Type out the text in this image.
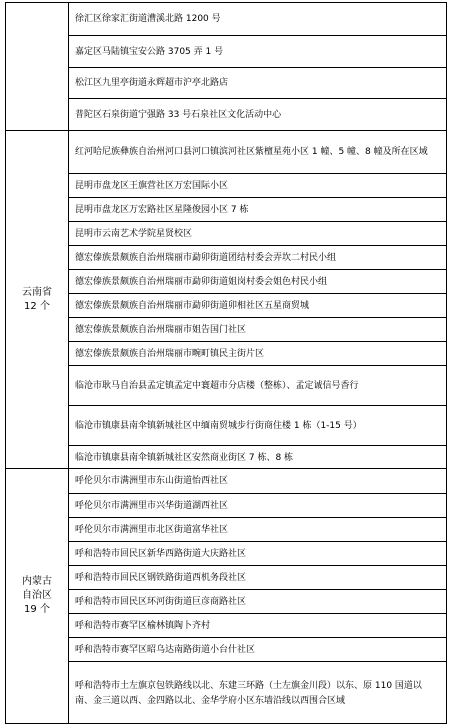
徐汇区徐家汇街道漕溪北路 1200 号
嘉定区马陆镇宝安公路 3705 弄 1 号
松江区九里亭街道永辉超市沪亭北路店
普陀区石泉街道宁强路 33 号石泉社区文化活动中心
云南省
12 个
红河哈尼族彝族自治州河口县河口镇滨河社区紫檀星苑小区 1 幢、5 幢、8 幢及所在区域
昆明市盘龙区王旗营社区万宏国际小区
昆明市盘龙区万宏路社区星隆俊园小区 7 栋
昆明市云南艺术学院星贤校区
德宏傣族景颇族自治州瑞丽市勐卯街道团结村委会弄坎二村民小组
德宏傣族景颇族自治州瑞丽市勐卯街道姐岗村委会姐色村民小组
德宏傣族景颇族自治州瑞丽市勐卯街道卯相社区五星商贸城
德宏傣族景颇族自治州瑞丽市姐告国门社区
德宏傣族景颇族自治州瑞丽市畹町镇民主街片区
临沧市耿马自治县孟定镇孟定中寰超市分店楼（整栋）、孟定诚信号香行
临沧市镇康县南伞镇新城社区中缅南贸城步行街商住楼 1 栋（1-15 号）
临沧市镇康县南伞镇新城社区安然商业街区 7 栋、8 栋
内蒙古
自治区
19 个
呼伦贝尔市满洲里市东山街道怡西社区
呼伦贝尔市满洲里市兴华街道湖西社区
呼伦贝尔市满洲里市北区街道富华社区
呼和浩特市回民区新华西路街道大庆路社区
呼和浩特市回民区钢铁路街道西机务段社区
呼和浩特市回民区环河街街道巨彦商路社区
呼和浩特市赛罕区榆林镇陶卜齐村
呼和浩特市赛罕区昭乌达南路街道小台什社区
呼和浩特市土左旗京包铁路线以北、东建三环路（土左旗金川段）以东、原 110 国道以南、金三道以西、金四路以北、金华学府小区东墙沿线以西围合区域
